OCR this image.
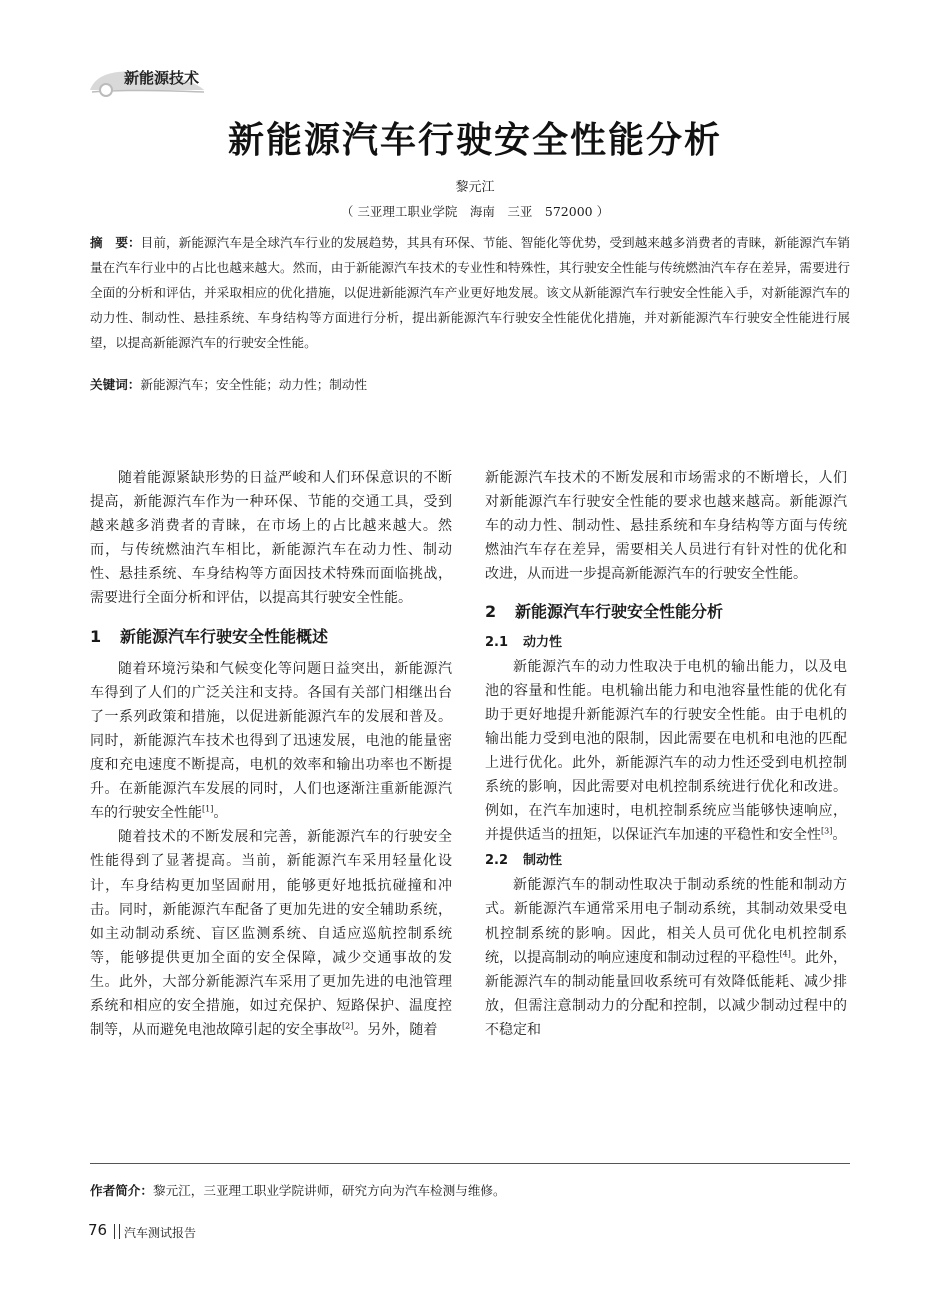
新能源技术
新能源汽车行驶安全性能分析
黎元江
（ 三亚理工职业学院　海南　三亚　572000 ）

摘　要：目前，新能源汽车是全球汽车行业的发展趋势，其具有环保、节能、智能化等优势，受到越来越多消费者的青睐，新能源汽车销量在汽车行业中的占比也越来越大。然而，由于新能源汽车技术的专业性和特殊性，其行驶安全性能与传统燃油汽车存在差异，需要进行全面的分析和评估，并采取相应的优化措施，以促进新能源汽车产业更好地发展。该文从新能源汽车行驶安全性能入手，对新能源汽车的动力性、制动性、悬挂系统、车身结构等方面进行分析，提出新能源汽车行驶安全性能优化措施，并对新能源汽车行驶安全性能进行展望，以提高新能源汽车的行驶安全性能。

关键词：新能源汽车；安全性能；动力性；制动性

随着能源紧缺形势的日益严峻和人们环保意识的不断提高，新能源汽车作为一种环保、节能的交通工具，受到越来越多消费者的青睐，在市场上的占比越来越大。然而，与传统燃油汽车相比，新能源汽车在动力性、制动性、悬挂系统、车身结构等方面因技术特殊而面临挑战，需要进行全面分析和评估，以提高其行驶安全性能。

1 新能源汽车行驶安全性能概述

随着环境污染和气候变化等问题日益突出，新能源汽车得到了人们的广泛关注和支持。各国有关部门相继出台了一系列政策和措施，以促进新能源汽车的发展和普及。同时，新能源汽车技术也得到了迅速发展，电池的能量密度和充电速度不断提高，电机的效率和输出功率也不断提升。在新能源汽车发展的同时，人们也逐渐注重新能源汽车的行驶安全性能[1]。

随着技术的不断发展和完善，新能源汽车的行驶安全性能得到了显著提高。当前，新能源汽车采用轻量化设计，车身结构更加坚固耐用，能够更好地抵抗碰撞和冲击。同时，新能源汽车配备了更加先进的安全辅助系统，如主动制动系统、盲区监测系统、自适应巡航控制系统等，能够提供更加全面的安全保障，减少交通事故的发生。此外，大部分新能源汽车采用了更加先进的电池管理系统和相应的安全措施，如过充保护、短路保护、温度控制等，从而避免电池故障引起的安全事故[2]。另外，随着

新能源汽车技术的不断发展和市场需求的不断增长，人们对新能源汽车行驶安全性能的要求也越来越高。新能源汽车的动力性、制动性、悬挂系统和车身结构等方面与传统燃油汽车存在差异，需要相关人员进行有针对性的优化和改进，从而进一步提高新能源汽车的行驶安全性能。

2 新能源汽车行驶安全性能分析
2.1 动力性

新能源汽车的动力性取决于电机的输出能力，以及电池的容量和性能。电机输出能力和电池容量性能的优化有助于更好地提升新能源汽车的行驶安全性能。由于电机的输出能力受到电池的限制，因此需要在电机和电池的匹配上进行优化。此外，新能源汽车的动力性还受到电机控制系统的影响，因此需要对电机控制系统进行优化和改进。例如，在汽车加速时，电机控制系统应当能够快速响应，并提供适当的扭矩，以保证汽车加速的平稳性和安全性[3]。

2.2 制动性

新能源汽车的制动性取决于制动系统的性能和制动方式。新能源汽车通常采用电子制动系统，其制动效果受电机控制系统的影响。因此，相关人员可优化电机控制系统，以提高制动的响应速度和制动过程的平稳性[4]。此外，新能源汽车的制动能量回收系统可有效降低能耗、减少排放，但需注意制动力的分配和控制，以减少制动过程中的不稳定和

作者简介：黎元江，三亚理工职业学院讲师，研究方向为汽车检测与维修。

76 汽车测试报告
